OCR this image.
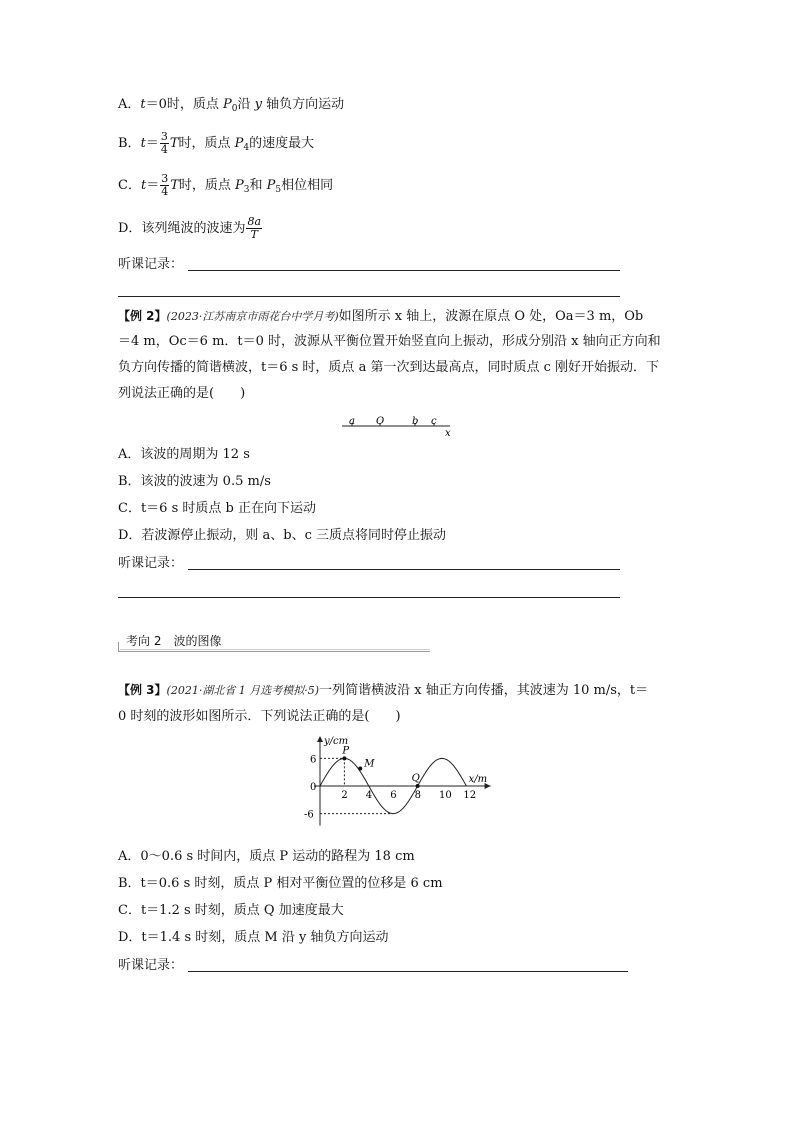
A．t＝0时，质点 $P_0$沿 y 轴负方向运动
B．$t= \frac{3}{4}$ T时，质点 $P_4$的速度最大
C．$t= \frac{3}{4}$ T时，质点 $P_3$和 $P_5$相位相同
D．该列绳波的波速为 $\frac{8a}{T}$
听课记录：
【例 2】(2023·江苏南京市雨花台中学月考)如图所示 x 轴上，波源在原点 O 处，Oa＝3 m，Ob
＝4 m，Oc＝6 m．t＝0 时，波源从平衡位置开始竖直向上振动，形成分别沿 x 轴向正方向和
负方向传播的简谐横波，t＝6 s 时，质点 a 第一次到达最高点，同时质点 c 刚好开始振动．下
列说法正确的是(　　)
a O	b c
x
A．该波的周期为 12 s
B．该波的波速为 0.5 m/s
C．t＝6 s 时质点 b 正在向下运动
D．若波源停止振动，则 a、b、c 三质点将同时停止振动
听课记录：
考向 2　波的图像
【例 3】(2021·湖北省 1 月选考模拟·5)一列简谐横波沿 x 轴正方向传播，其波速为 10 m/s，t＝
0 时刻的波形如图所示．下列说法正确的是(　　)
y/cm
x/m
2 4 6 8 10 12
6
0
-6
P
M
Q
A．0～0.6 s 时间内，质点 P 运动的路程为 18 cm
B．t＝0.6 s 时刻，质点 P 相对平衡位置的位移是 6 cm
C．t＝1.2 s 时刻，质点 Q 加速度最大
D．t＝1.4 s 时刻，质点 M 沿 y 轴负方向运动
听课记录：
